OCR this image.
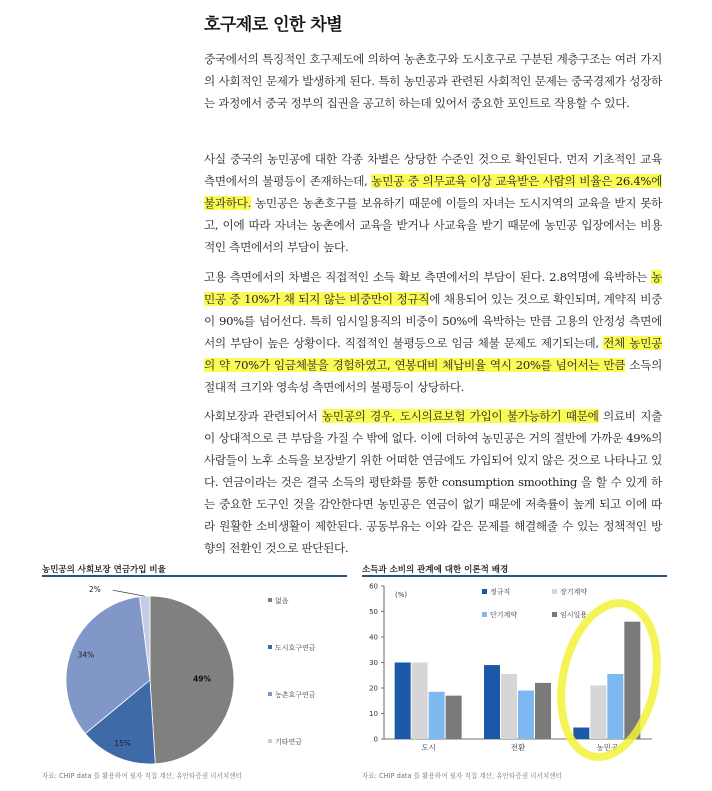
호구제로 인한 차별

중국에서의 특징적인 호구제도에 의하여 농촌호구와 도시호구로 구분된 계층구조는 여러 가지의 사회적인 문제가 발생하게 된다. 특히 농민공과 관련된 사회적인 문제는 중국경제가 성장하는 과정에서 중국 정부의 집권을 공고히 하는데 있어서 중요한 포인트로 작용할 수 있다.

사실 중국의 농민공에 대한 각종 차별은 상당한 수준인 것으로 확인된다. 먼저 기초적인 교육 측면에서의 불평등이 존재하는데, 농민공 중 의무교육 이상 교육받은 사람의 비율은 26.4%에 불과하다. 농민공은 농촌호구를 보유하기 때문에 이들의 자녀는 도시지역의 교육을 받지 못하고, 이에 따라 자녀는 농촌에서 교육을 받거나 사교육을 받기 때문에 농민공 입장에서는 비용적인 측면에서의 부담이 높다.

고용 측면에서의 차별은 직접적인 소득 확보 측면에서의 부담이 된다. 2.8억명에 육박하는 농민공 중 10%가 채 되지 않는 비중만이 정규직에 채용되어 있는 것으로 확인되며, 계약직 비중이 90%를 넘어선다. 특히 임시일용직의 비중이 50%에 육박하는 만큼 고용의 안정성 측면에서의 부담이 높은 상황이다. 직접적인 불평등으로 임금 체불 문제도 제기되는데, 전체 농민공의 약 70%가 임금체불을 경험하였고, 연봉대비 체납비율 역시 20%를 넘어서는 만큼 소득의 절대적 크기와 영속성 측면에서의 불평등이 상당하다.

사회보장과 관련되어서 농민공의 경우, 도시의료보험 가입이 불가능하기 때문에 의료비 지출이 상대적으로 큰 부담을 가질 수 밖에 없다. 이에 더하여 농민공은 거의 절반에 가까운 49%의 사람들이 노후 소득을 보장받기 위한 어떠한 연금에도 가입되어 있지 않은 것으로 나타나고 있다. 연금이라는 것은 결국 소득의 평탄화를 통한 consumption smoothing 을 할 수 있게 하는 중요한 도구인 것을 감안한다면 농민공은 연금이 없기 때문에 저축률이 높게 되고 이에 따라 원활한 소비생활이 제한된다. 공동부유는 이와 같은 문제를 해결해줄 수 있는 정책적인 방향의 전환인 것으로 판단된다.

농민공의 사회보장 연금가입 비율
49%
15%
34%
2%
없음
도시호구연금
농촌호구연금
기타연금
자료: CHIP data 를 활용하여 필자 직접 계산, 유안타증권 리서치센터
소득과 소비의 관계에 대한 이론적 배경
0
10
20
30
40
50
60
(%)
도시	전환	농민공
정규직	장기계약
단기계약	임시일용
자료: CHIP data 를 활용하여 필자 직접 계산, 유안타증권 리서치센터
